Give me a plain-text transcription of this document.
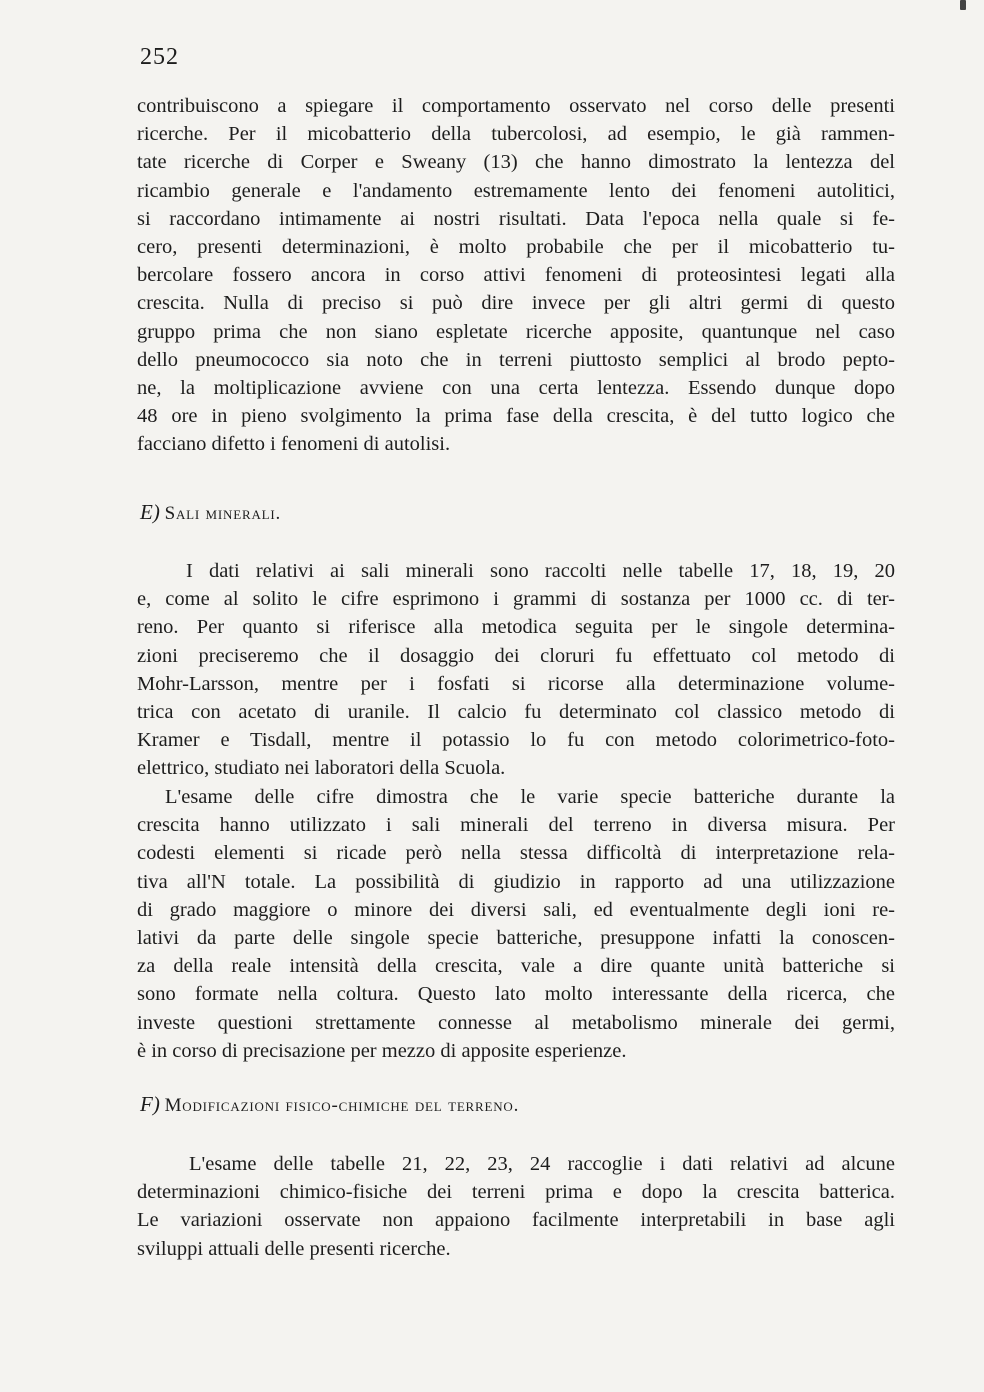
252
contribuiscono a spiegare il comportamento osservato nel corso delle presenti
ricerche. Per il micobatterio della tubercolosi, ad esempio, le già rammen-
tate ricerche di Corper e Sweany (13) che hanno dimostrato la lentezza del
ricambio generale e l'andamento estremamente lento dei fenomeni autolitici,
si raccordano intimamente ai nostri risultati. Data l'epoca nella quale si fe-
cero, presenti determinazioni, è molto probabile che per il micobatterio tu-
bercolare fossero ancora in corso attivi fenomeni di proteosintesi legati alla
crescita. Nulla di preciso si può dire invece per gli altri germi di questo
gruppo prima che non siano espletate ricerche apposite, quantunque nel caso
dello pneumococco sia noto che in terreni piuttosto semplici al brodo pepto-
ne, la moltiplicazione avviene con una certa lentezza. Essendo dunque dopo
48 ore in pieno svolgimento la prima fase della crescita, è del tutto logico che
facciano difetto i fenomeni di autolisi.
E) Sali minerali.
I dati relativi ai sali minerali sono raccolti nelle tabelle 17, 18, 19, 20
e, come al solito le cifre esprimono i grammi di sostanza per 1000 cc. di ter-
reno. Per quanto si riferisce alla metodica seguita per le singole determina-
zioni preciseremo che il dosaggio dei cloruri fu effettuato col metodo di
Mohr-Larsson, mentre per i fosfati si ricorse alla determinazione volume-
trica con acetato di uranile. Il calcio fu determinato col classico metodo di
Kramer e Tisdall, mentre il potassio lo fu con metodo colorimetrico-foto-
elettrico, studiato nei laboratori della Scuola.
L'esame delle cifre dimostra che le varie specie batteriche durante la
crescita hanno utilizzato i sali minerali del terreno in diversa misura. Per
codesti elementi si ricade però nella stessa difficoltà di interpretazione rela-
tiva all'N totale. La possibilità di giudizio in rapporto ad una utilizzazione
di grado maggiore o minore dei diversi sali, ed eventualmente degli ioni re-
lativi da parte delle singole specie batteriche, presuppone infatti la conoscen-
za della reale intensità della crescita, vale a dire quante unità batteriche si
sono formate nella coltura. Questo lato molto interessante della ricerca, che
investe questioni strettamente connesse al metabolismo minerale dei germi,
è in corso di precisazione per mezzo di apposite esperienze.
F) Modificazioni fisico-chimiche del terreno.
L'esame delle tabelle 21, 22, 23, 24 raccoglie i dati relativi ad alcune
determinazioni chimico-fisiche dei terreni prima e dopo la crescita batterica.
Le variazioni osservate non appaiono facilmente interpretabili in base agli
sviluppi attuali delle presenti ricerche.
